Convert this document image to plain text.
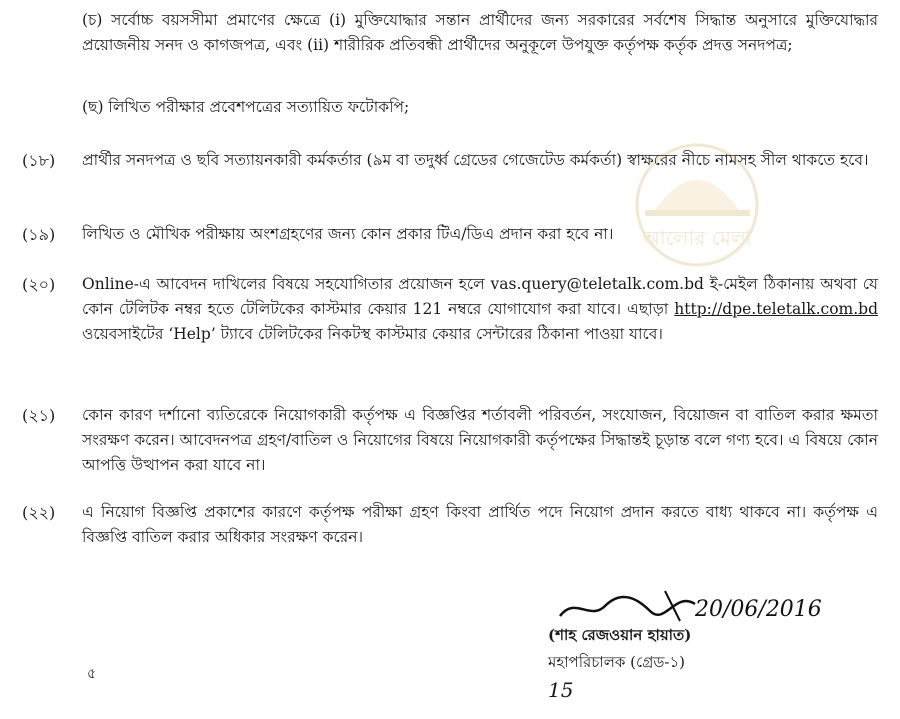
আলোর মেলা
(চ) সর্বোচ্চ বয়সসীমা প্রমাণের ক্ষেত্রে (i) মুক্তিযোদ্ধার সন্তান প্রার্থীদের জন্য সরকারের সর্বশেষ সিদ্ধান্ত অনুসারে মুক্তিযোদ্ধার প্রয়োজনীয় সনদ ও কাগজপত্র, এবং (ii) শারীরিক প্রতিবন্ধী প্রার্থীদের অনুকূলে উপযুক্ত কর্তৃপক্ষ কর্তৃক প্রদত্ত সনদপত্র;
(ছ) লিখিত পরীক্ষার প্রবেশপত্রের সত্যায়িত ফটোকপি;
(১৮) প্রার্থীর সনদপত্র ও ছবি সত্যায়নকারী কর্মকর্তার (৯ম বা তদুর্ধ্ব গ্রেডের গেজেটেড কর্মকর্তা) স্বাক্ষরের নীচে নামসহ সীল থাকতে হবে।
(১৯) লিখিত ও মৌখিক পরীক্ষায় অংশগ্রহণের জন্য কোন প্রকার টিএ/ডিএ প্রদান করা হবে না।
(২০) Online-এ আবেদন দাখিলের বিষয়ে সহযোগিতার প্রয়োজন হলে vas.query@teletalk.com.bd ই-মেইল ঠিকানায় অথবা যে কোন টেলিটক নম্বর হতে টেলিটকের কাস্টমার কেয়ার 121 নম্বরে যোগাযোগ করা যাবে। এছাড়া http://dpe.teletalk.com.bd ওয়েবসাইটের ‘Help’ ট্যাবে টেলিটকের নিকটস্থ কাস্টমার কেয়ার সেন্টারের ঠিকানা পাওয়া যাবে।
(২১) কোন কারণ দর্শানো ব্যতিরেকে নিয়োগকারী কর্তৃপক্ষ এ বিজ্ঞপ্তির শর্তাবলী পরিবর্তন, সংযোজন, বিয়োজন বা বাতিল করার ক্ষমতা সংরক্ষণ করেন। আবেদনপত্র গ্রহণ/বাতিল ও নিয়োগের বিষয়ে নিয়োগকারী কর্তৃপক্ষের সিদ্ধান্তই চূড়ান্ত বলে গণ্য হবে। এ বিষয়ে কোন আপত্তি উত্থাপন করা যাবে না।
(২২) এ নিয়োগ বিজ্ঞপ্তি প্রকাশের কারণে কর্তৃপক্ষ পরীক্ষা গ্রহণ কিংবা প্রার্থিত পদে নিয়োগ প্রদান করতে বাধ্য থাকবে না। কর্তৃপক্ষ এ বিজ্ঞপ্তি বাতিল করার অধিকার সংরক্ষণ করেন।
20/06/2016
(শাহ রেজওয়ান হায়াত)
মহাপরিচালক (গ্রেড-১)
15
৫
